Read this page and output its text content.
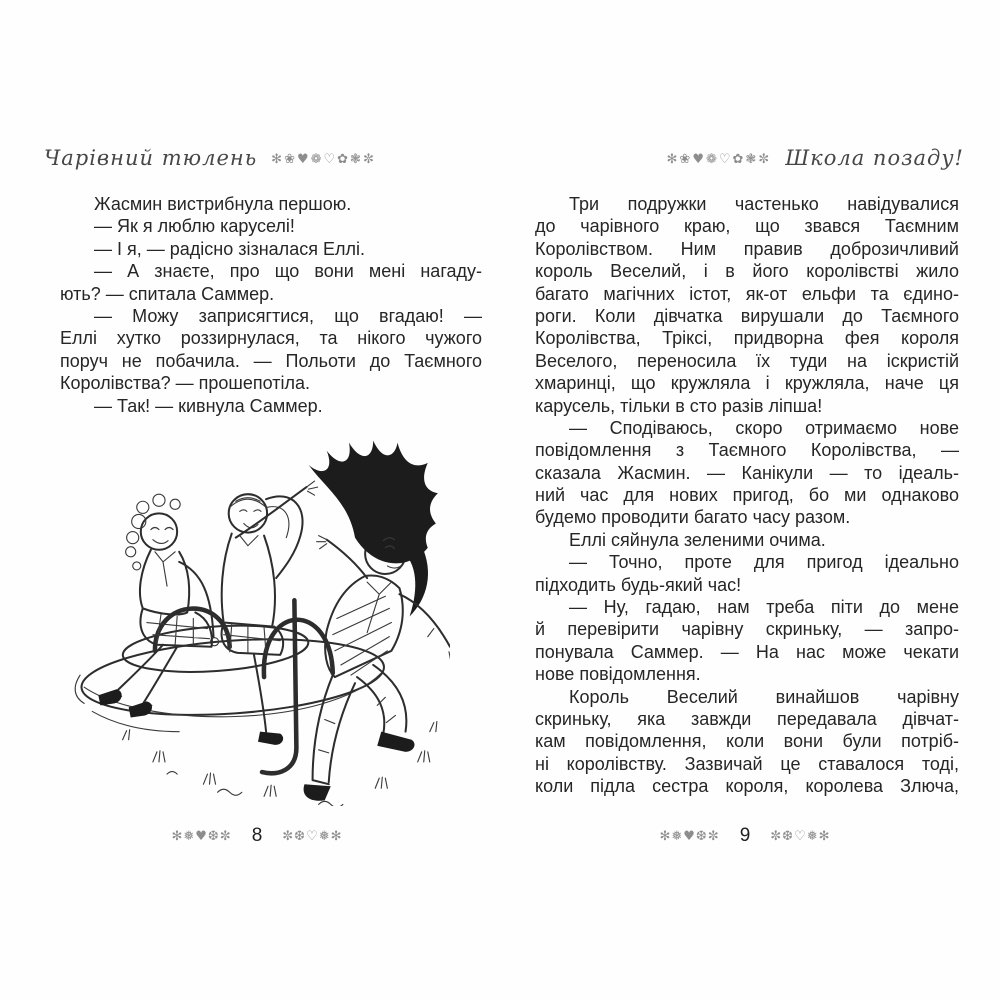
Чарівний тюлень ✻❀♥❁♡✿❃✼	✻❀♥❁♡✿❃✼ Школа позаду!
Жасмин вистрибнула першою.
— Як я люблю каруселі!
— І я, — радісно зізналася Еллі.
— А знаєте, про що вони мені нагаду-
ють? — спитала Саммер.
— Можу заприсягтися, що вгадаю! —
Еллі хутко роззирнулася, та нікого чужого
поруч не побачила. — Польоти до Таємного
Королівства? — прошепотіла.
— Так! — кивнула Саммер.
Три подружки частенько навідувалися
до чарівного краю, що звався Таємним
Королівством. Ним правив доброзичливий
король Веселий, і в його королівстві жило
багато магічних істот, як-от ельфи та єдино-
роги. Коли дівчатка вирушали до Таємного
Королівства, Тріксі, придворна фея короля
Веселого, переносила їх туди на іскристій
хмаринці, що кружляла і кружляла, наче ця
карусель, тільки в сто разів ліпша!
— Сподіваюсь, скоро отримаємо нове
повідомлення з Таємного Королівства, —
сказала Жасмин. — Канікули — то ідеаль-
ний час для нових пригод, бо ми однаково
будемо проводити багато часу разом.
Еллі сяйнула зеленими очима.
— Точно, проте для пригод ідеально
підходить будь-який час!
— Ну, гадаю, нам треба піти до мене
й перевірити чарівну скриньку, — запро-
понувала Саммер. — На нас може чекати
нове повідомлення.
Король Веселий винайшов чарівну
скриньку, яка завжди передавала дівчат-
кам повідомлення, коли вони були потріб-
ні королівству. Зазвичай це ставалося тоді,
коли підла сестра короля, королева Злюча,
✻❅♥❆✼ 8 ✼❆♡❅✻	✻❅♥❆✼ 9 ✼❆♡❅✻
